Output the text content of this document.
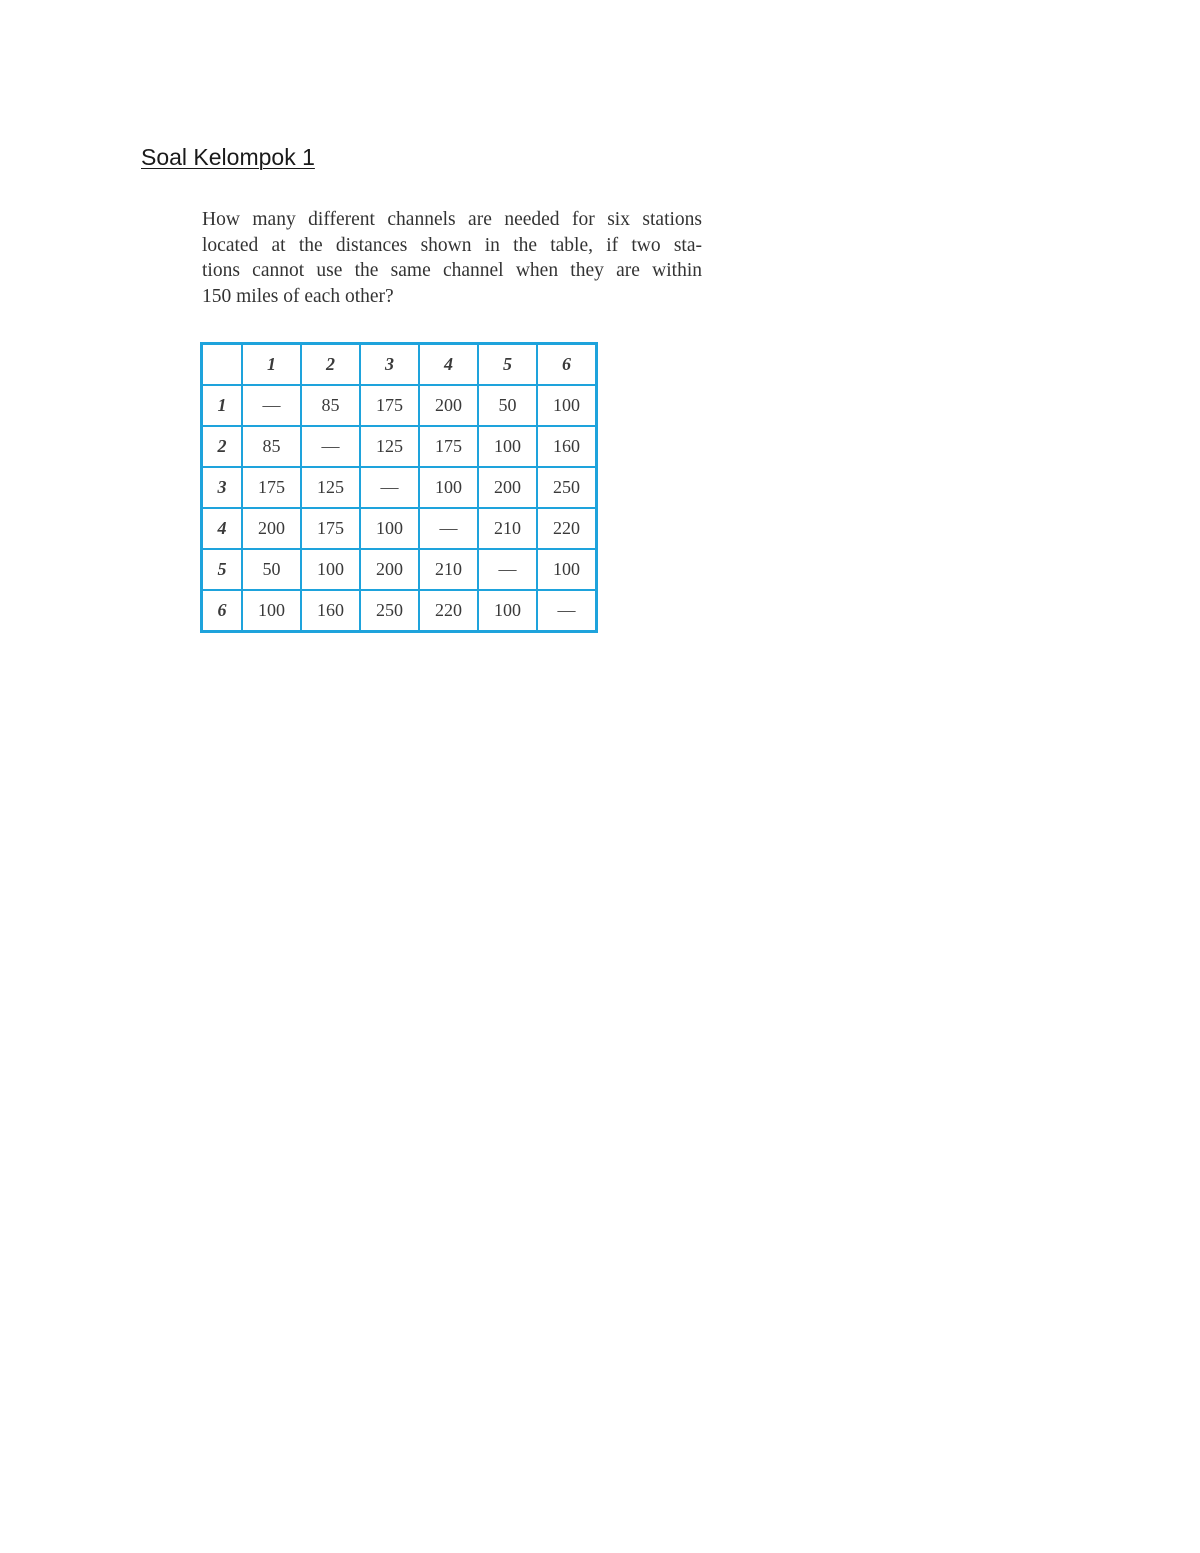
Soal Kelompok 1
How many different channels are needed for six stations
located at the distances shown in the table, if two sta-
tions cannot use the same channel when they are within
150 miles of each other?
	1	2	3	4	5	6
1	—	85	175	200	50	100
2	85	—	125	175	100	160
3	175	125	—	100	200	250
4	200	175	100	—	210	220
5	50	100	200	210	—	100
6	100	160	250	220	100	—
